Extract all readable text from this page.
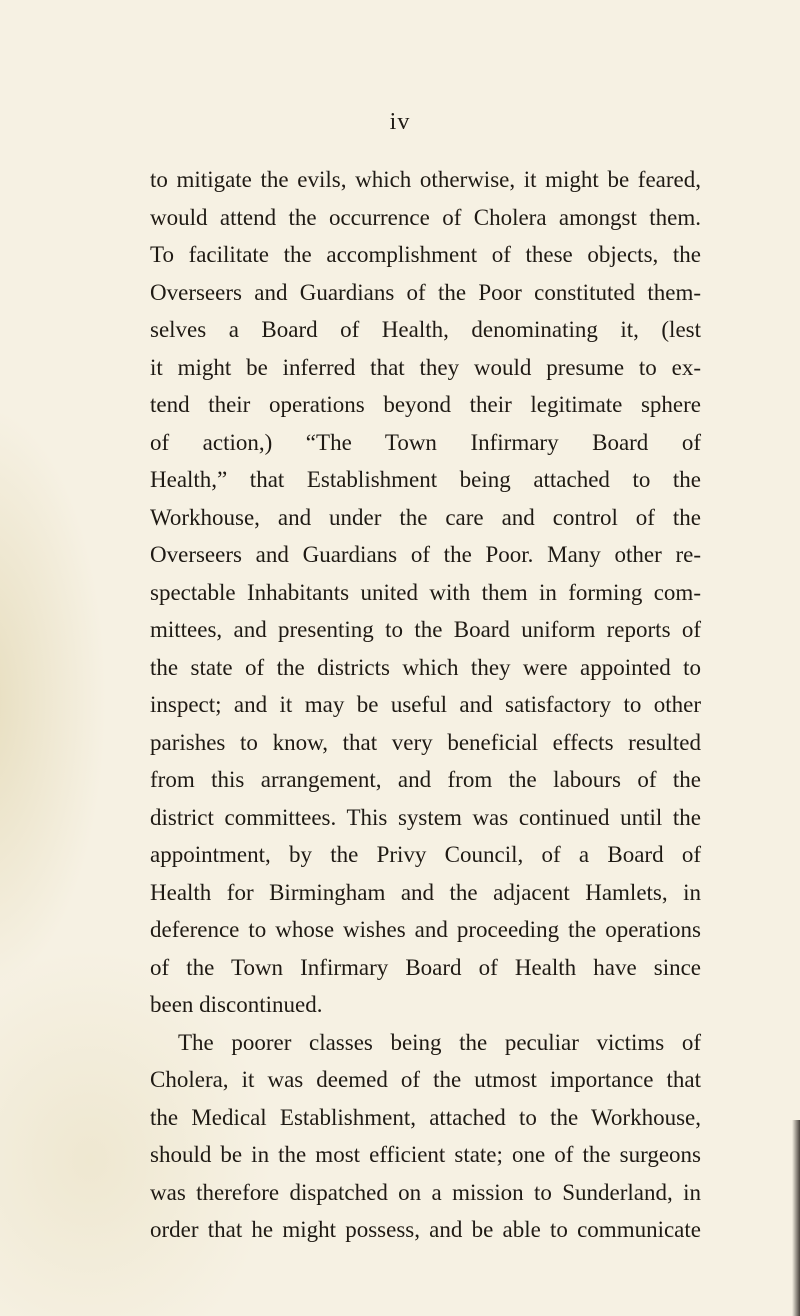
iv
to mitigate the evils, which otherwise, it might be feared,
would attend the occurrence of Cholera amongst them.
To facilitate the accomplishment of these objects, the
Overseers and Guardians of the Poor constituted them-
selves a Board of Health, denominating it, (lest
it might be inferred that they would presume to ex-
tend their operations beyond their legitimate sphere
of action,) “The Town Infirmary Board of
Health,” that Establishment being attached to the
Workhouse, and under the care and control of the
Overseers and Guardians of the Poor. Many other re-
spectable Inhabitants united with them in forming com-
mittees, and presenting to the Board uniform reports of
the state of the districts which they were appointed to
inspect; and it may be useful and satisfactory to other
parishes to know, that very beneficial effects resulted
from this arrangement, and from the labours of the
district committees. This system was continued until the
appointment, by the Privy Council, of a Board of
Health for Birmingham and the adjacent Hamlets, in
deference to whose wishes and proceeding the operations
of the Town Infirmary Board of Health have since
been discontinued.
The poorer classes being the peculiar victims of
Cholera, it was deemed of the utmost importance that
the Medical Establishment, attached to the Workhouse,
should be in the most efficient state; one of the surgeons
was therefore dispatched on a mission to Sunderland, in
order that he might possess, and be able to communicate
